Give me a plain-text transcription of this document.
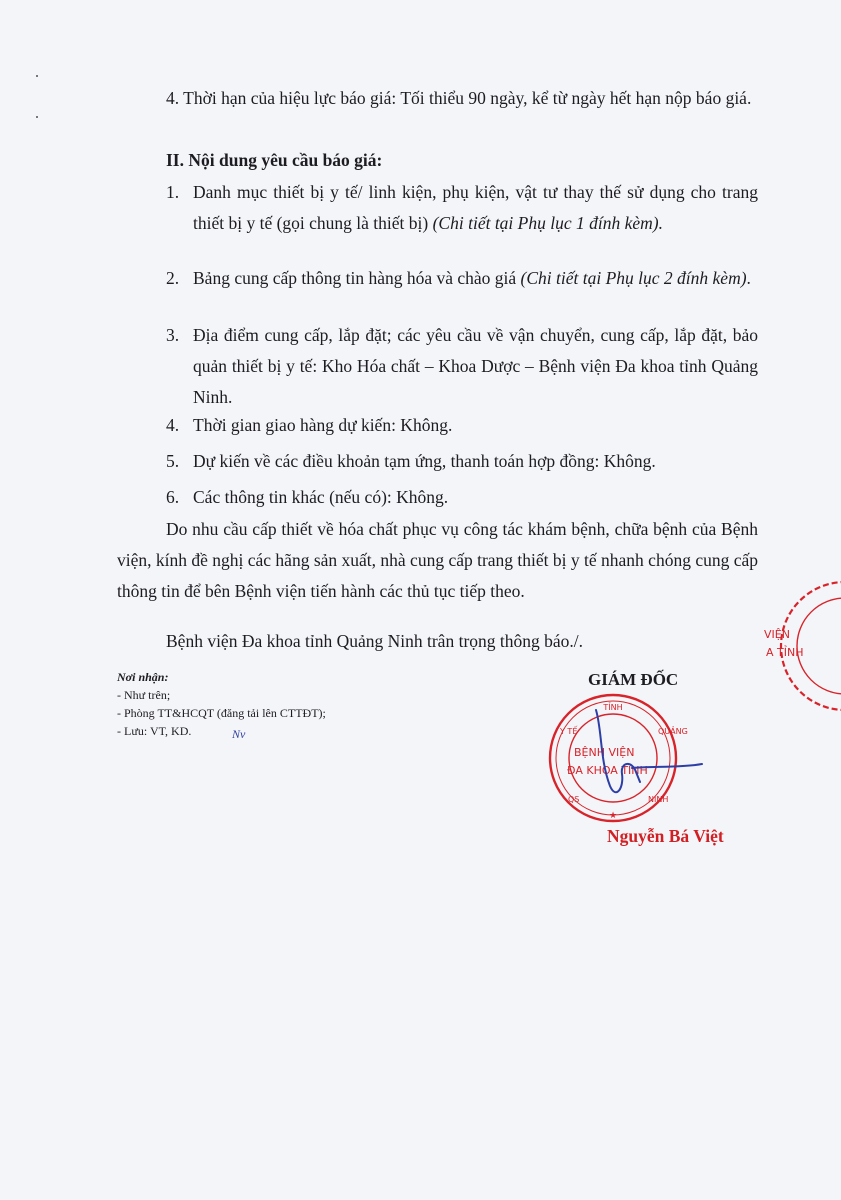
4. Thời hạn của hiệu lực báo giá: Tối thiểu 90 ngày, kể từ ngày hết hạn nộp báo giá.
II. Nội dung yêu cầu báo giá:
1. Danh mục thiết bị y tế/ linh kiện, phụ kiện, vật tư thay thế sử dụng cho trang thiết bị y tế (gọi chung là thiết bị) (Chi tiết tại Phụ lục 1 đính kèm).
2. Bảng cung cấp thông tin hàng hóa và chào giá (Chi tiết tại Phụ lục 2 đính kèm).
3. Địa điểm cung cấp, lắp đặt; các yêu cầu về vận chuyển, cung cấp, lắp đặt, bảo quản thiết bị y tế: Kho Hóa chất – Khoa Dược – Bệnh viện Đa khoa tỉnh Quảng Ninh.
4. Thời gian giao hàng dự kiến: Không.
5. Dự kiến về các điều khoản tạm ứng, thanh toán hợp đồng: Không.
6. Các thông tin khác (nếu có): Không.
Do nhu cầu cấp thiết về hóa chất phục vụ công tác khám bệnh, chữa bệnh của Bệnh viện, kính đề nghị các hãng sản xuất, nhà cung cấp trang thiết bị y tế nhanh chóng cung cấp thông tin để bên Bệnh viện tiến hành các thủ tục tiếp theo.
Bệnh viện Đa khoa tỉnh Quảng Ninh trân trọng thông báo./.
Nơi nhận:
- Như trên;
- Phòng TT&HCQT (đăng tải lên CTTĐT);
- Lưu: VT, KD.	Nv
VIỆN
A TỈNH
GIÁM ĐỐC
BỆNH VIỆN
ĐA KHOA TỈNH
TỈNH
Y TẾ	QUẢNG
NINH
QS
★
Nguyễn Bá Việt
